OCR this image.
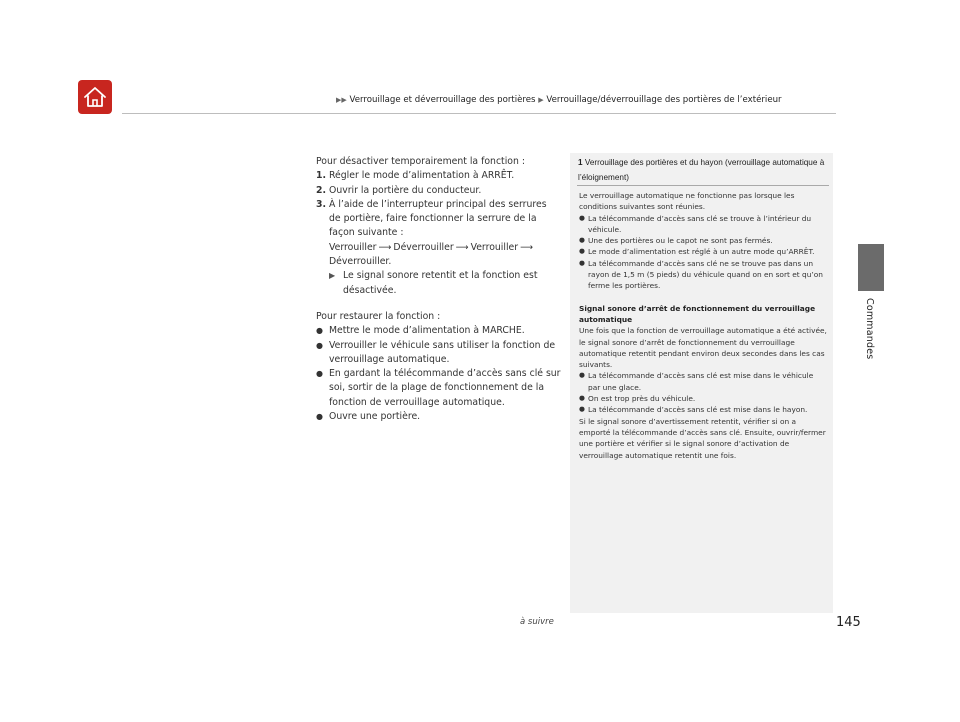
▶▶ Verrouillage et déverrouillage des portières ▶ Verrouillage/déverrouillage des portières de l’extérieur
Commandes

Pour désactiver temporairement la fonction :

1. Régler le mode d’alimentation à ARRÊT.
2. Ouvrir la portière du conducteur.
3. À l’aide de l’interrupteur principal des serrures de portière, faire fonctionner la serrure de la façon suivante :
Verrouiller ⟶ Déverrouiller ⟶ Verrouiller ⟶
Déverrouiller.
▶ Le signal sonore retentit et la fonction est désactivée.

Pour restaurer la fonction :

● Mettre le mode d’alimentation à MARCHE.
● Verrouiller le véhicule sans utiliser la fonction de verrouillage automatique.
● En gardant la télécommande d’accès sans clé sur soi, sortir de la plage de fonctionnement de la fonction de verrouillage automatique.
● Ouvre une portière.
1 Verrouillage des portières et du hayon (verrouillage automatique à l’éloignement)

Le verrouillage automatique ne fonctionne pas lorsque les conditions suivantes sont réunies.

● La télécommande d’accès sans clé se trouve à l’intérieur du véhicule.
● Une des portières ou le capot ne sont pas fermés.
● Le mode d’alimentation est réglé à un autre mode qu’ARRÊT.
● La télécommande d’accès sans clé ne se trouve pas dans un rayon de 1,5 m (5 pieds) du véhicule quand on en sort et qu’on ferme les portières.

Signal sonore d’arrêt de fonctionnement du verrouillage automatique

Une fois que la fonction de verrouillage automatique a été activée, le signal sonore d’arrêt de fonctionnement du verrouillage automatique retentit pendant environ deux secondes dans les cas suivants.

● La télécommande d’accès sans clé est mise dans le véhicule par une glace.
● On est trop près du véhicule.
● La télécommande d’accès sans clé est mise dans le hayon.

Si le signal sonore d’avertissement retentit, vérifier si on a emporté la télécommande d’accès sans clé. Ensuite, ouvrir/fermer une portière et vérifier si le signal sonore d’activation de verrouillage automatique retentit une fois.

à suivre	145
